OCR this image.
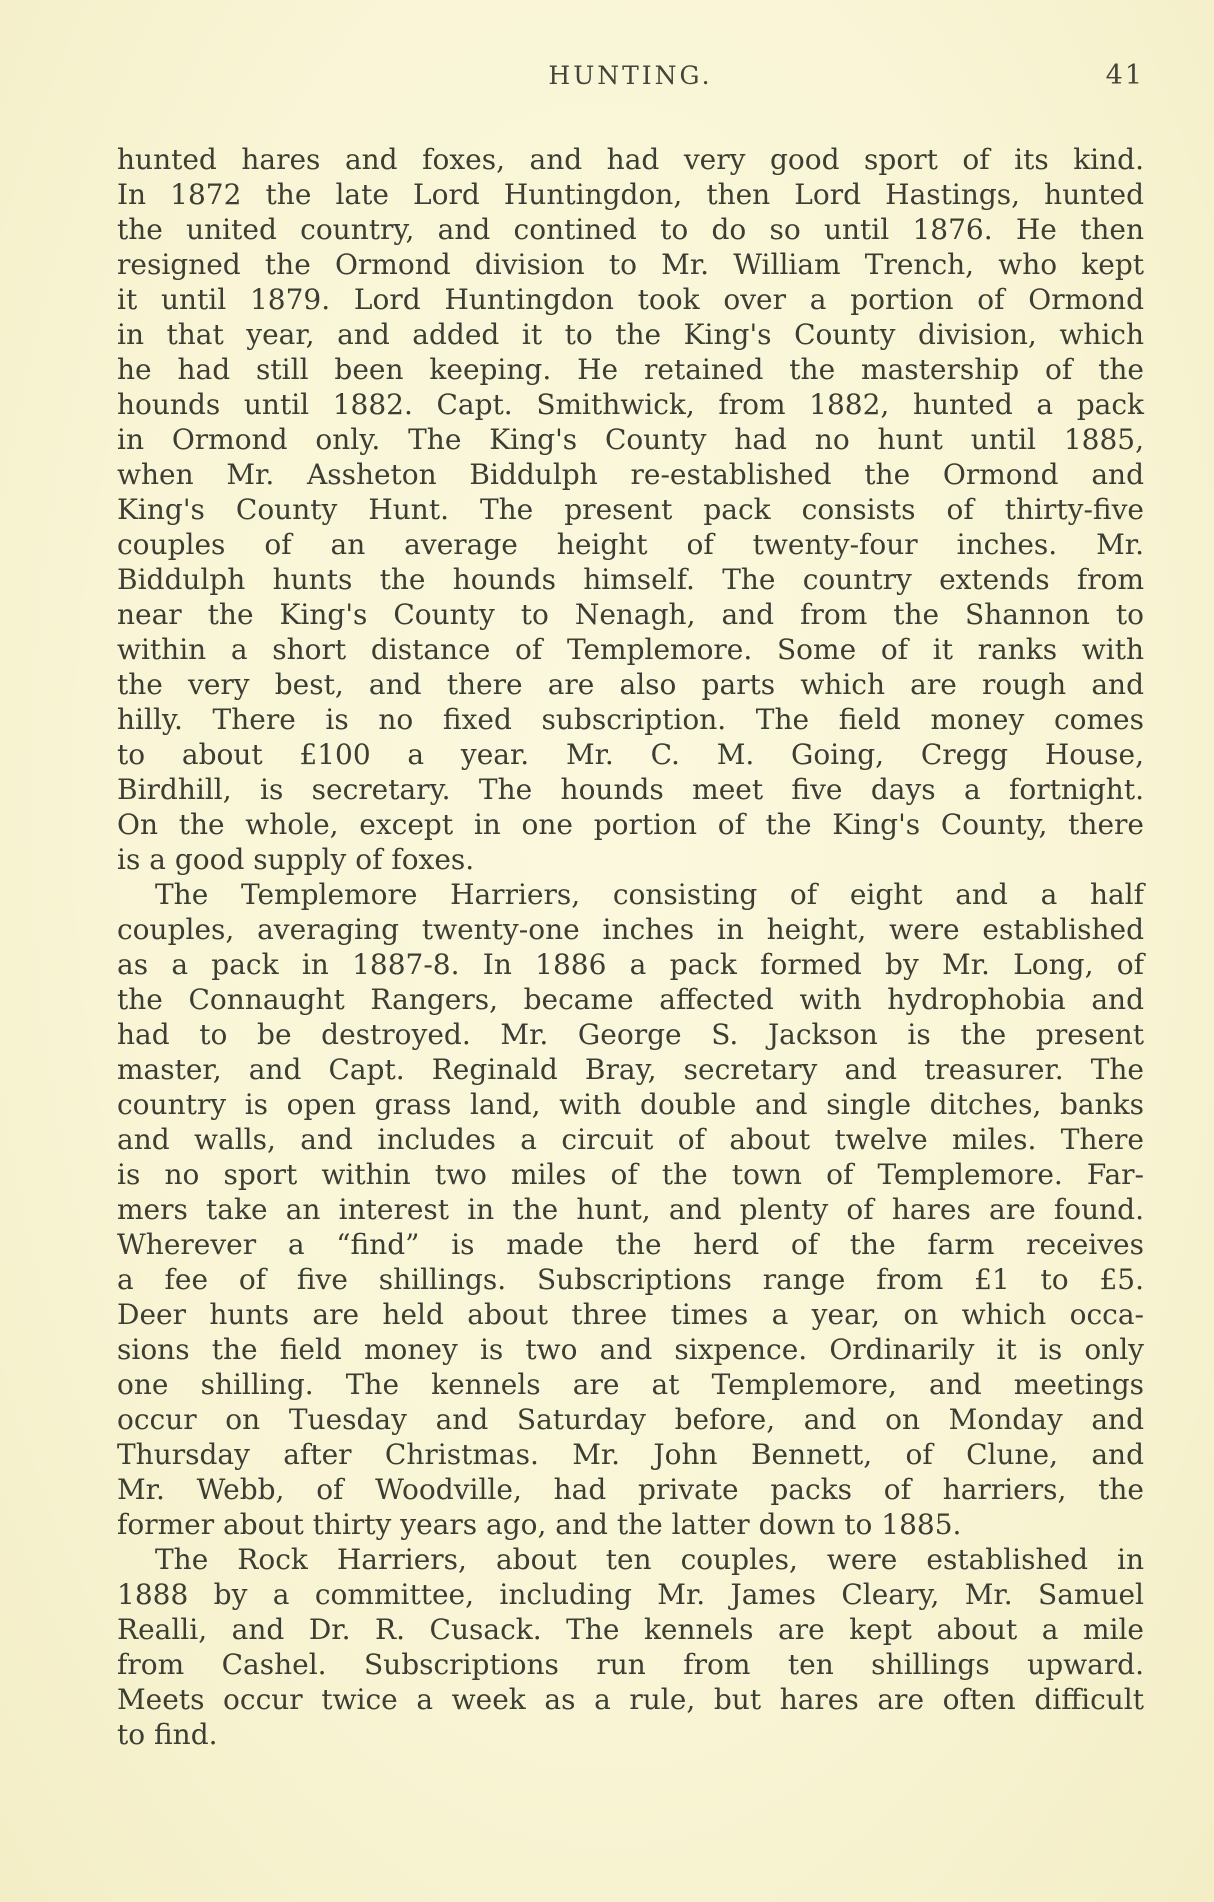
HUNTING.	41
hunted hares and foxes, and had very good sport of its kind.
In 1872 the late Lord Huntingdon, then Lord Hastings, hunted
the united country, and contined to do so until 1876. He then
resigned the Ormond division to Mr. William Trench, who kept
it until 1879. Lord Huntingdon took over a portion of Ormond
in that year, and added it to the King's County division, which
he had still been keeping. He retained the mastership of the
hounds until 1882. Capt. Smithwick, from 1882, hunted a pack
in Ormond only. The King's County had no hunt until 1885,
when Mr. Assheton Biddulph re-established the Ormond and
King's County Hunt. The present pack consists of thirty-five
couples of an average height of twenty-four inches. Mr.
Biddulph hunts the hounds himself. The country extends from
near the King's County to Nenagh, and from the Shannon to
within a short distance of Templemore. Some of it ranks with
the very best, and there are also parts which are rough and
hilly. There is no fixed subscription. The field money comes
to about £100 a year. Mr. C. M. Going, Cregg House,
Birdhill, is secretary. The hounds meet five days a fortnight.
On the whole, except in one portion of the King's County, there
is a good supply of foxes.
The Templemore Harriers, consisting of eight and a half
couples, averaging twenty-one inches in height, were established
as a pack in 1887-8. In 1886 a pack formed by Mr. Long, of
the Connaught Rangers, became affected with hydrophobia and
had to be destroyed. Mr. George S. Jackson is the present
master, and Capt. Reginald Bray, secretary and treasurer. The
country is open grass land, with double and single ditches, banks
and walls, and includes a circuit of about twelve miles. There
is no sport within two miles of the town of Templemore. Far-
mers take an interest in the hunt, and plenty of hares are found.
Wherever a “find” is made the herd of the farm receives
a fee of five shillings. Subscriptions range from £1 to £5.
Deer hunts are held about three times a year, on which occa-
sions the field money is two and sixpence. Ordinarily it is only
one shilling. The kennels are at Templemore, and meetings
occur on Tuesday and Saturday before, and on Monday and
Thursday after Christmas. Mr. John Bennett, of Clune, and
Mr. Webb, of Woodville, had private packs of harriers, the
former about thirty years ago, and the latter down to 1885.
The Rock Harriers, about ten couples, were established in
1888 by a committee, including Mr. James Cleary, Mr. Samuel
Realli, and Dr. R. Cusack. The kennels are kept about a mile
from Cashel. Subscriptions run from ten shillings upward.
Meets occur twice a week as a rule, but hares are often difficult
to find.
